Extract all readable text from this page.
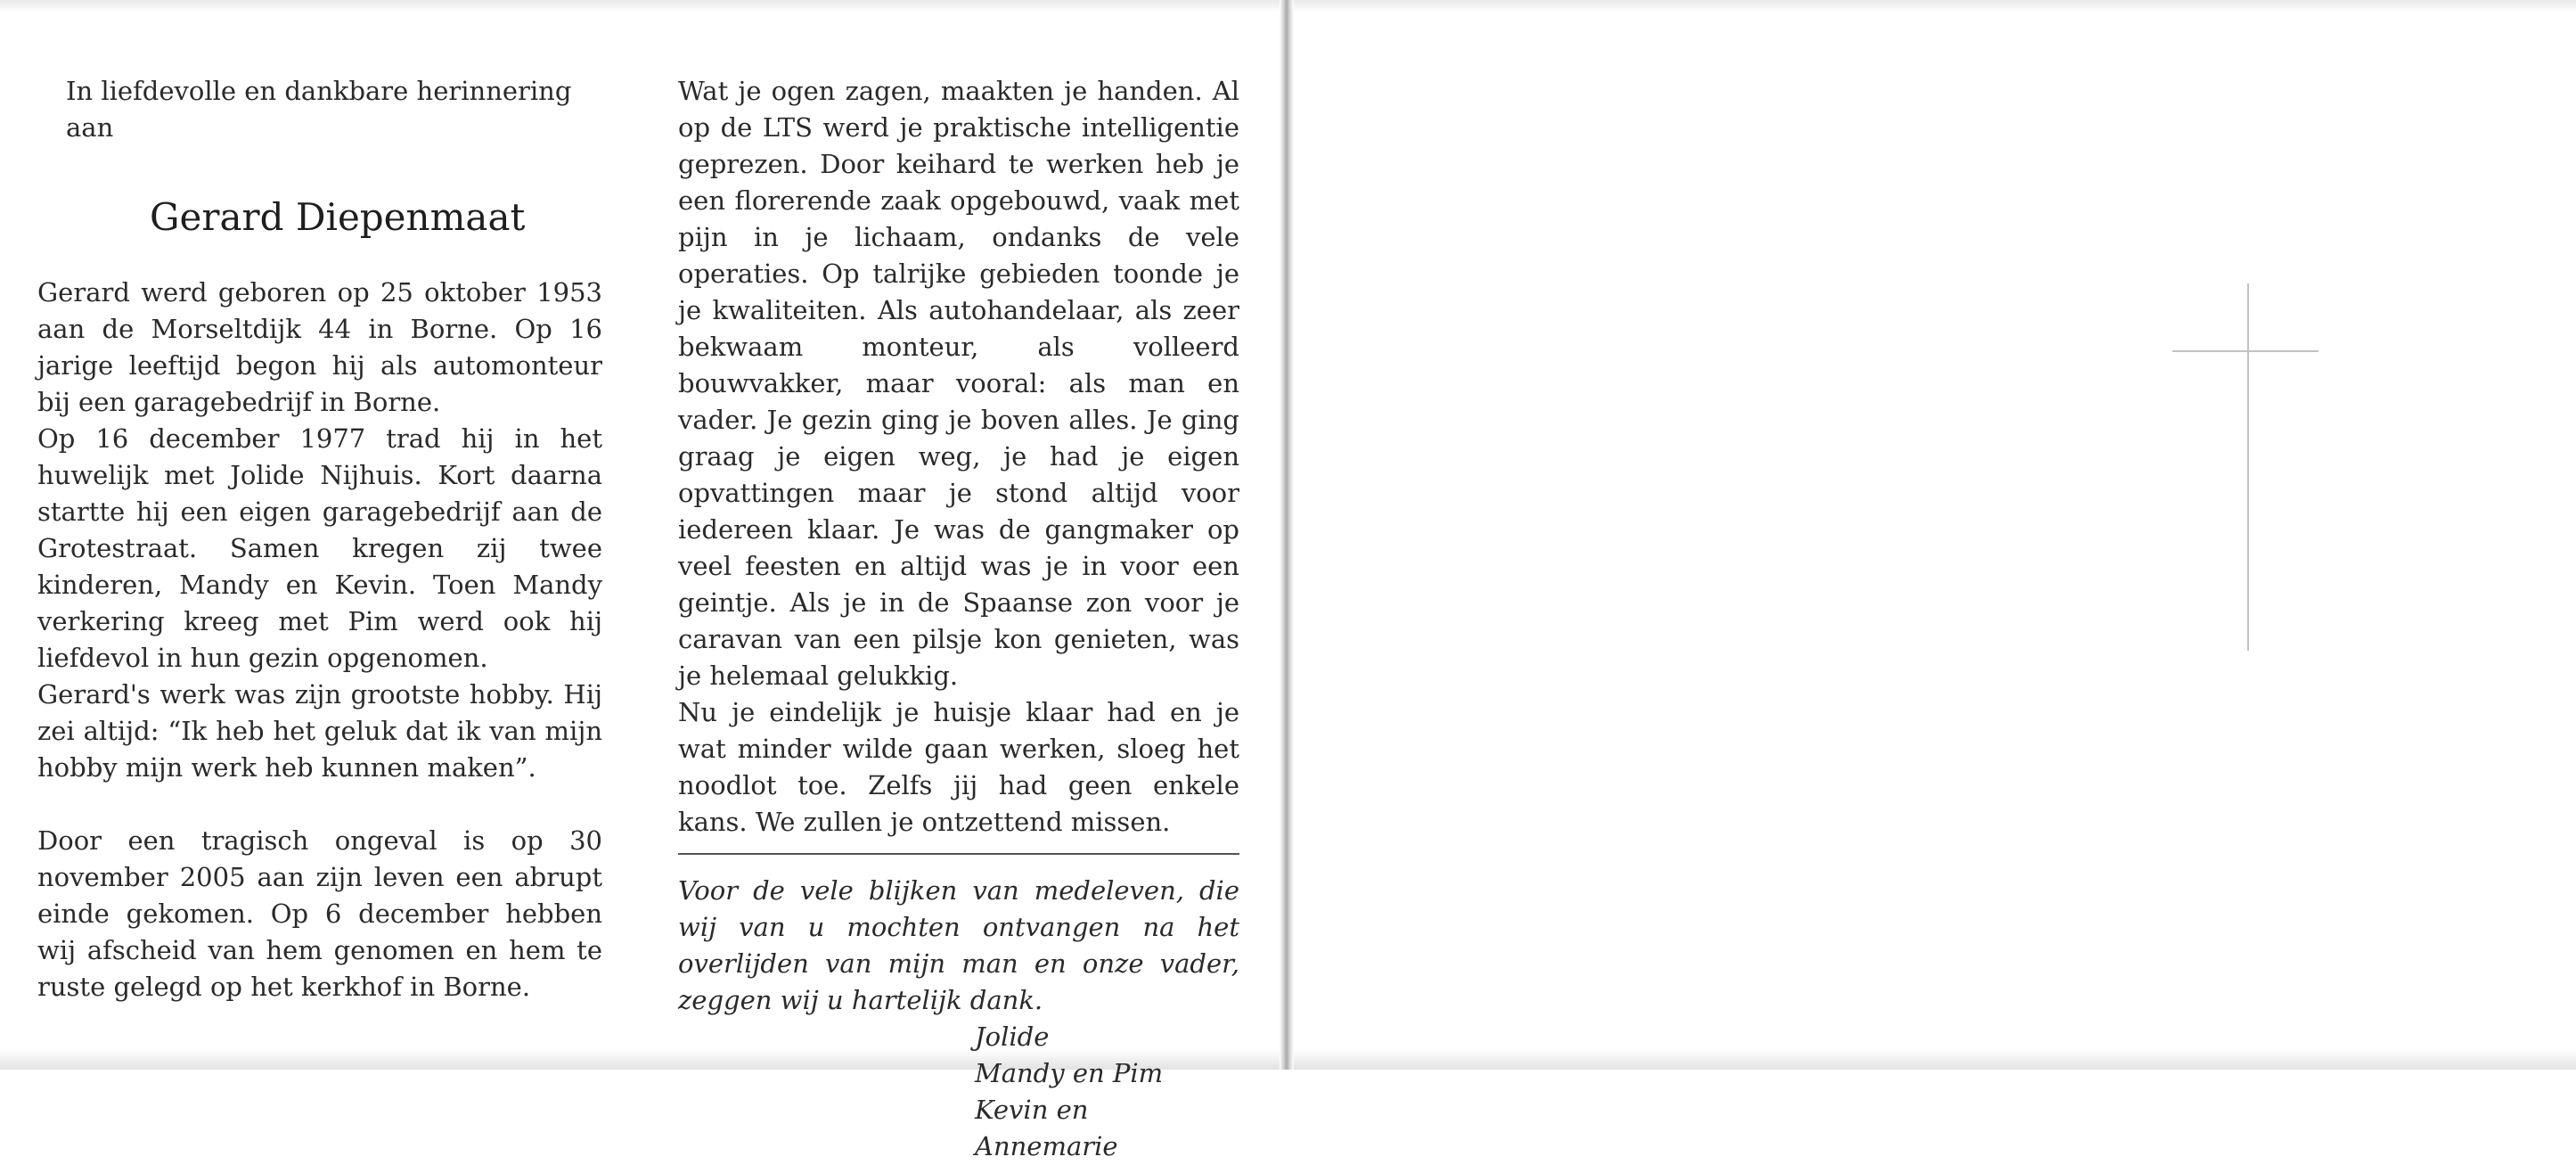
In liefdevolle en dankbare herinnering aan

Gerard Diepenmaat

Gerard werd geboren op 25 oktober 1953 aan de Morseltdijk 44 in Borne. Op 16 jarige leeftijd begon hij als automonteur bij een garagebedrijf in Borne.

Op 16 december 1977 trad hij in het huwelijk met Jolide Nijhuis. Kort daarna startte hij een eigen garagebedrijf aan de Grotestraat. Samen kregen zij twee kinderen, Mandy en Kevin. Toen Mandy verkering kreeg met Pim werd ook hij liefdevol in hun gezin opgenomen.

Gerard's werk was zijn grootste hobby. Hij zei altijd: “Ik heb het geluk dat ik van mijn hobby mijn werk heb kunnen maken”.

Door een tragisch ongeval is op 30 november 2005 aan zijn leven een abrupt einde gekomen. Op 6 december hebben wij afscheid van hem genomen en hem te ruste gelegd op het kerkhof in Borne.

Wat je ogen zagen, maakten je handen. Al op de LTS werd je praktische intelligentie geprezen. Door keihard te werken heb je een florerende zaak opgebouwd, vaak met pijn in je lichaam, ondanks de vele operaties. Op talrijke gebieden toonde je je kwaliteiten. Als autohandelaar, als zeer bekwaam monteur, als volleerd bouwvakker, maar vooral: als man en vader. Je gezin ging je boven alles. Je ging graag je eigen weg, je had je eigen opvattingen maar je stond altijd voor iedereen klaar. Je was de gangmaker op veel feesten en altijd was je in voor een geintje. Als je in de Spaanse zon voor je caravan van een pilsje kon genieten, was je helemaal gelukkig.

Nu je eindelijk je huisje klaar had en je wat minder wilde gaan werken, sloeg het noodlot toe. Zelfs jij had geen enkele kans. We zullen je ontzettend missen.

Voor de vele blijken van medeleven, die wij van u mochten ontvangen na het overlijden van mijn man en onze vader, zeggen wij u hartelijk dank.

Jolide

Mandy en Pim

Kevin en Annemarie
